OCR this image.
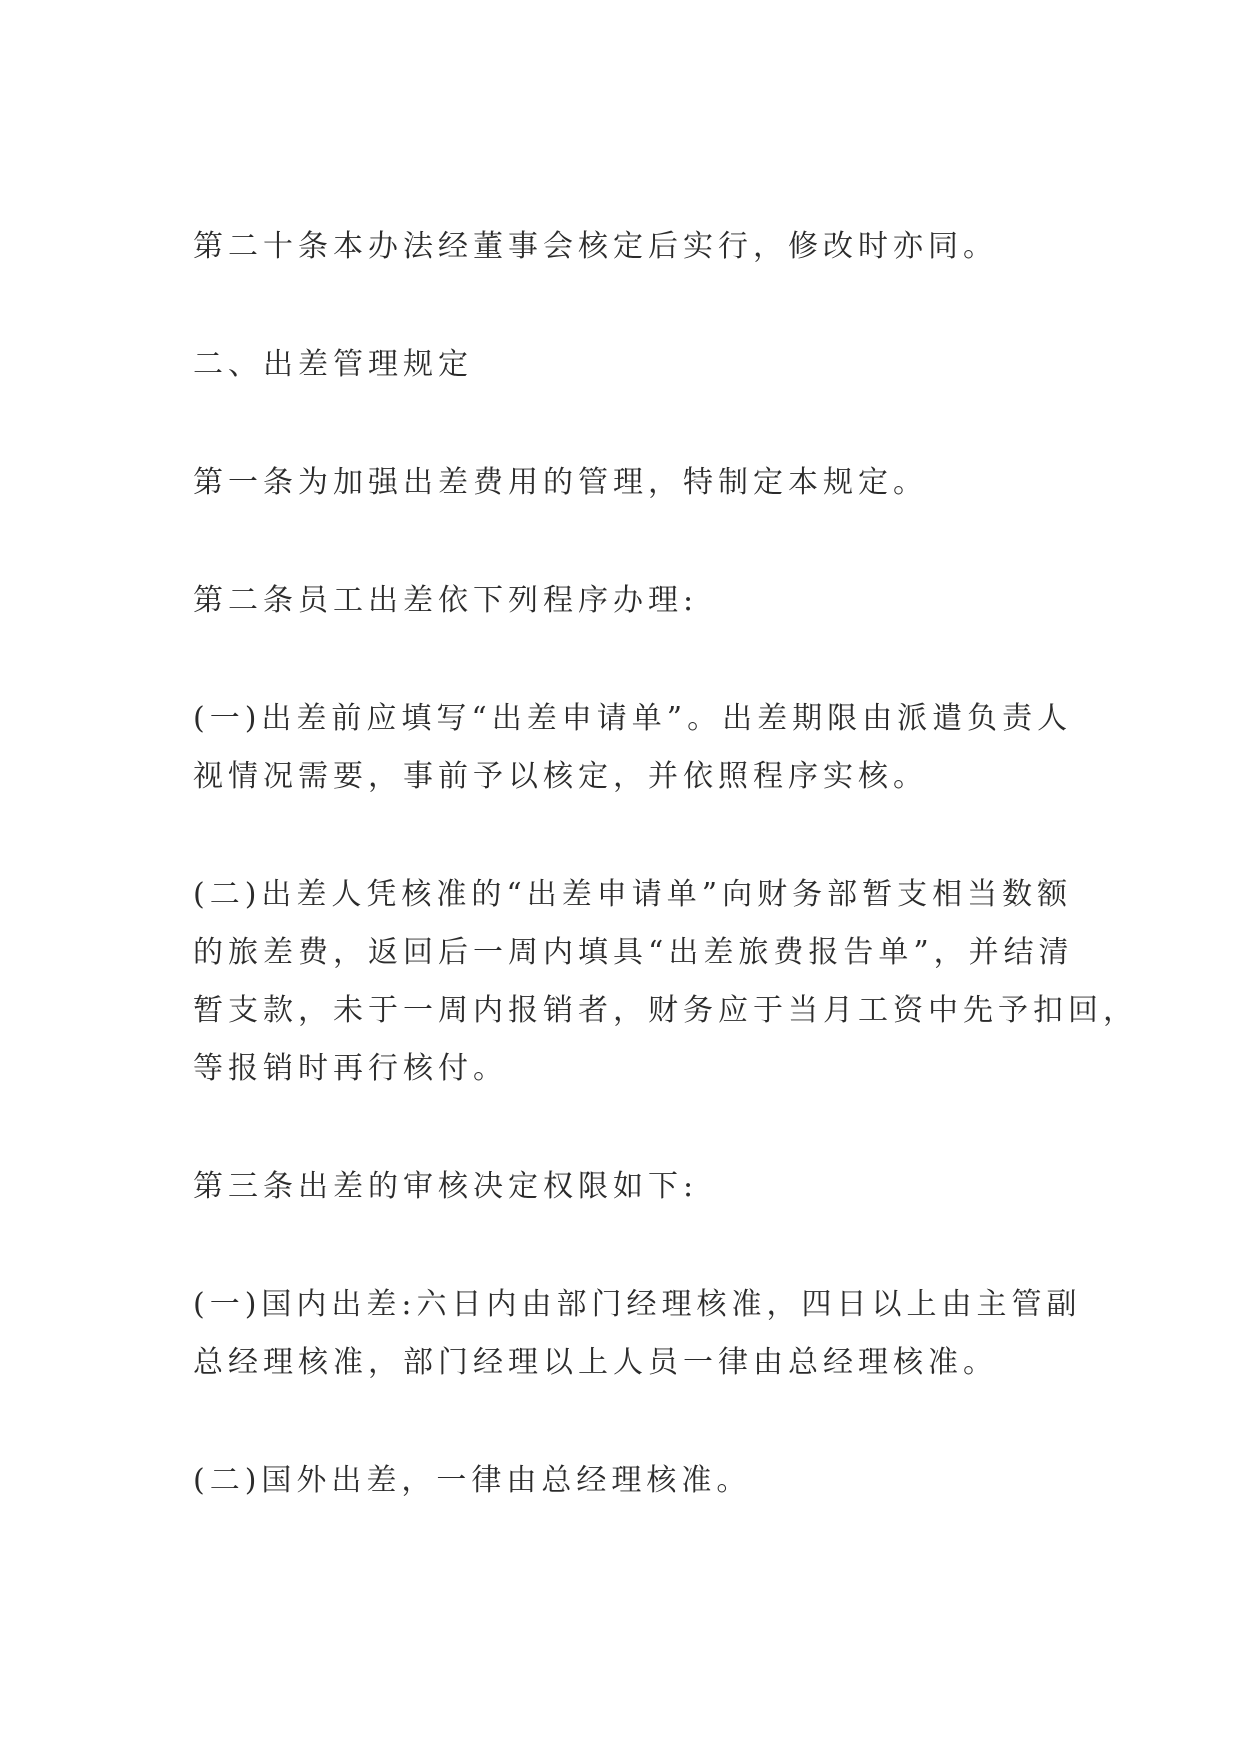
第二十条本办法经董事会核定后实行，修改时亦同。

二、出差管理规定

第一条为加强出差费用的管理，特制定本规定。

第二条员工出差依下列程序办理:

(一)出差前应填写“出差申请单”。出差期限由派遣负责人
视情况需要，事前予以核定，并依照程序实核。

(二)出差人凭核准的“出差申请单”向财务部暂支相当数额
的旅差费，返回后一周内填具“出差旅费报告单”，并结清
暂支款，未于一周内报销者，财务应于当月工资中先予扣回，
等报销时再行核付。

第三条出差的审核决定权限如下:

(一)国内出差:六日内由部门经理核准，四日以上由主管副
总经理核准，部门经理以上人员一律由总经理核准。

(二)国外出差，一律由总经理核准。
